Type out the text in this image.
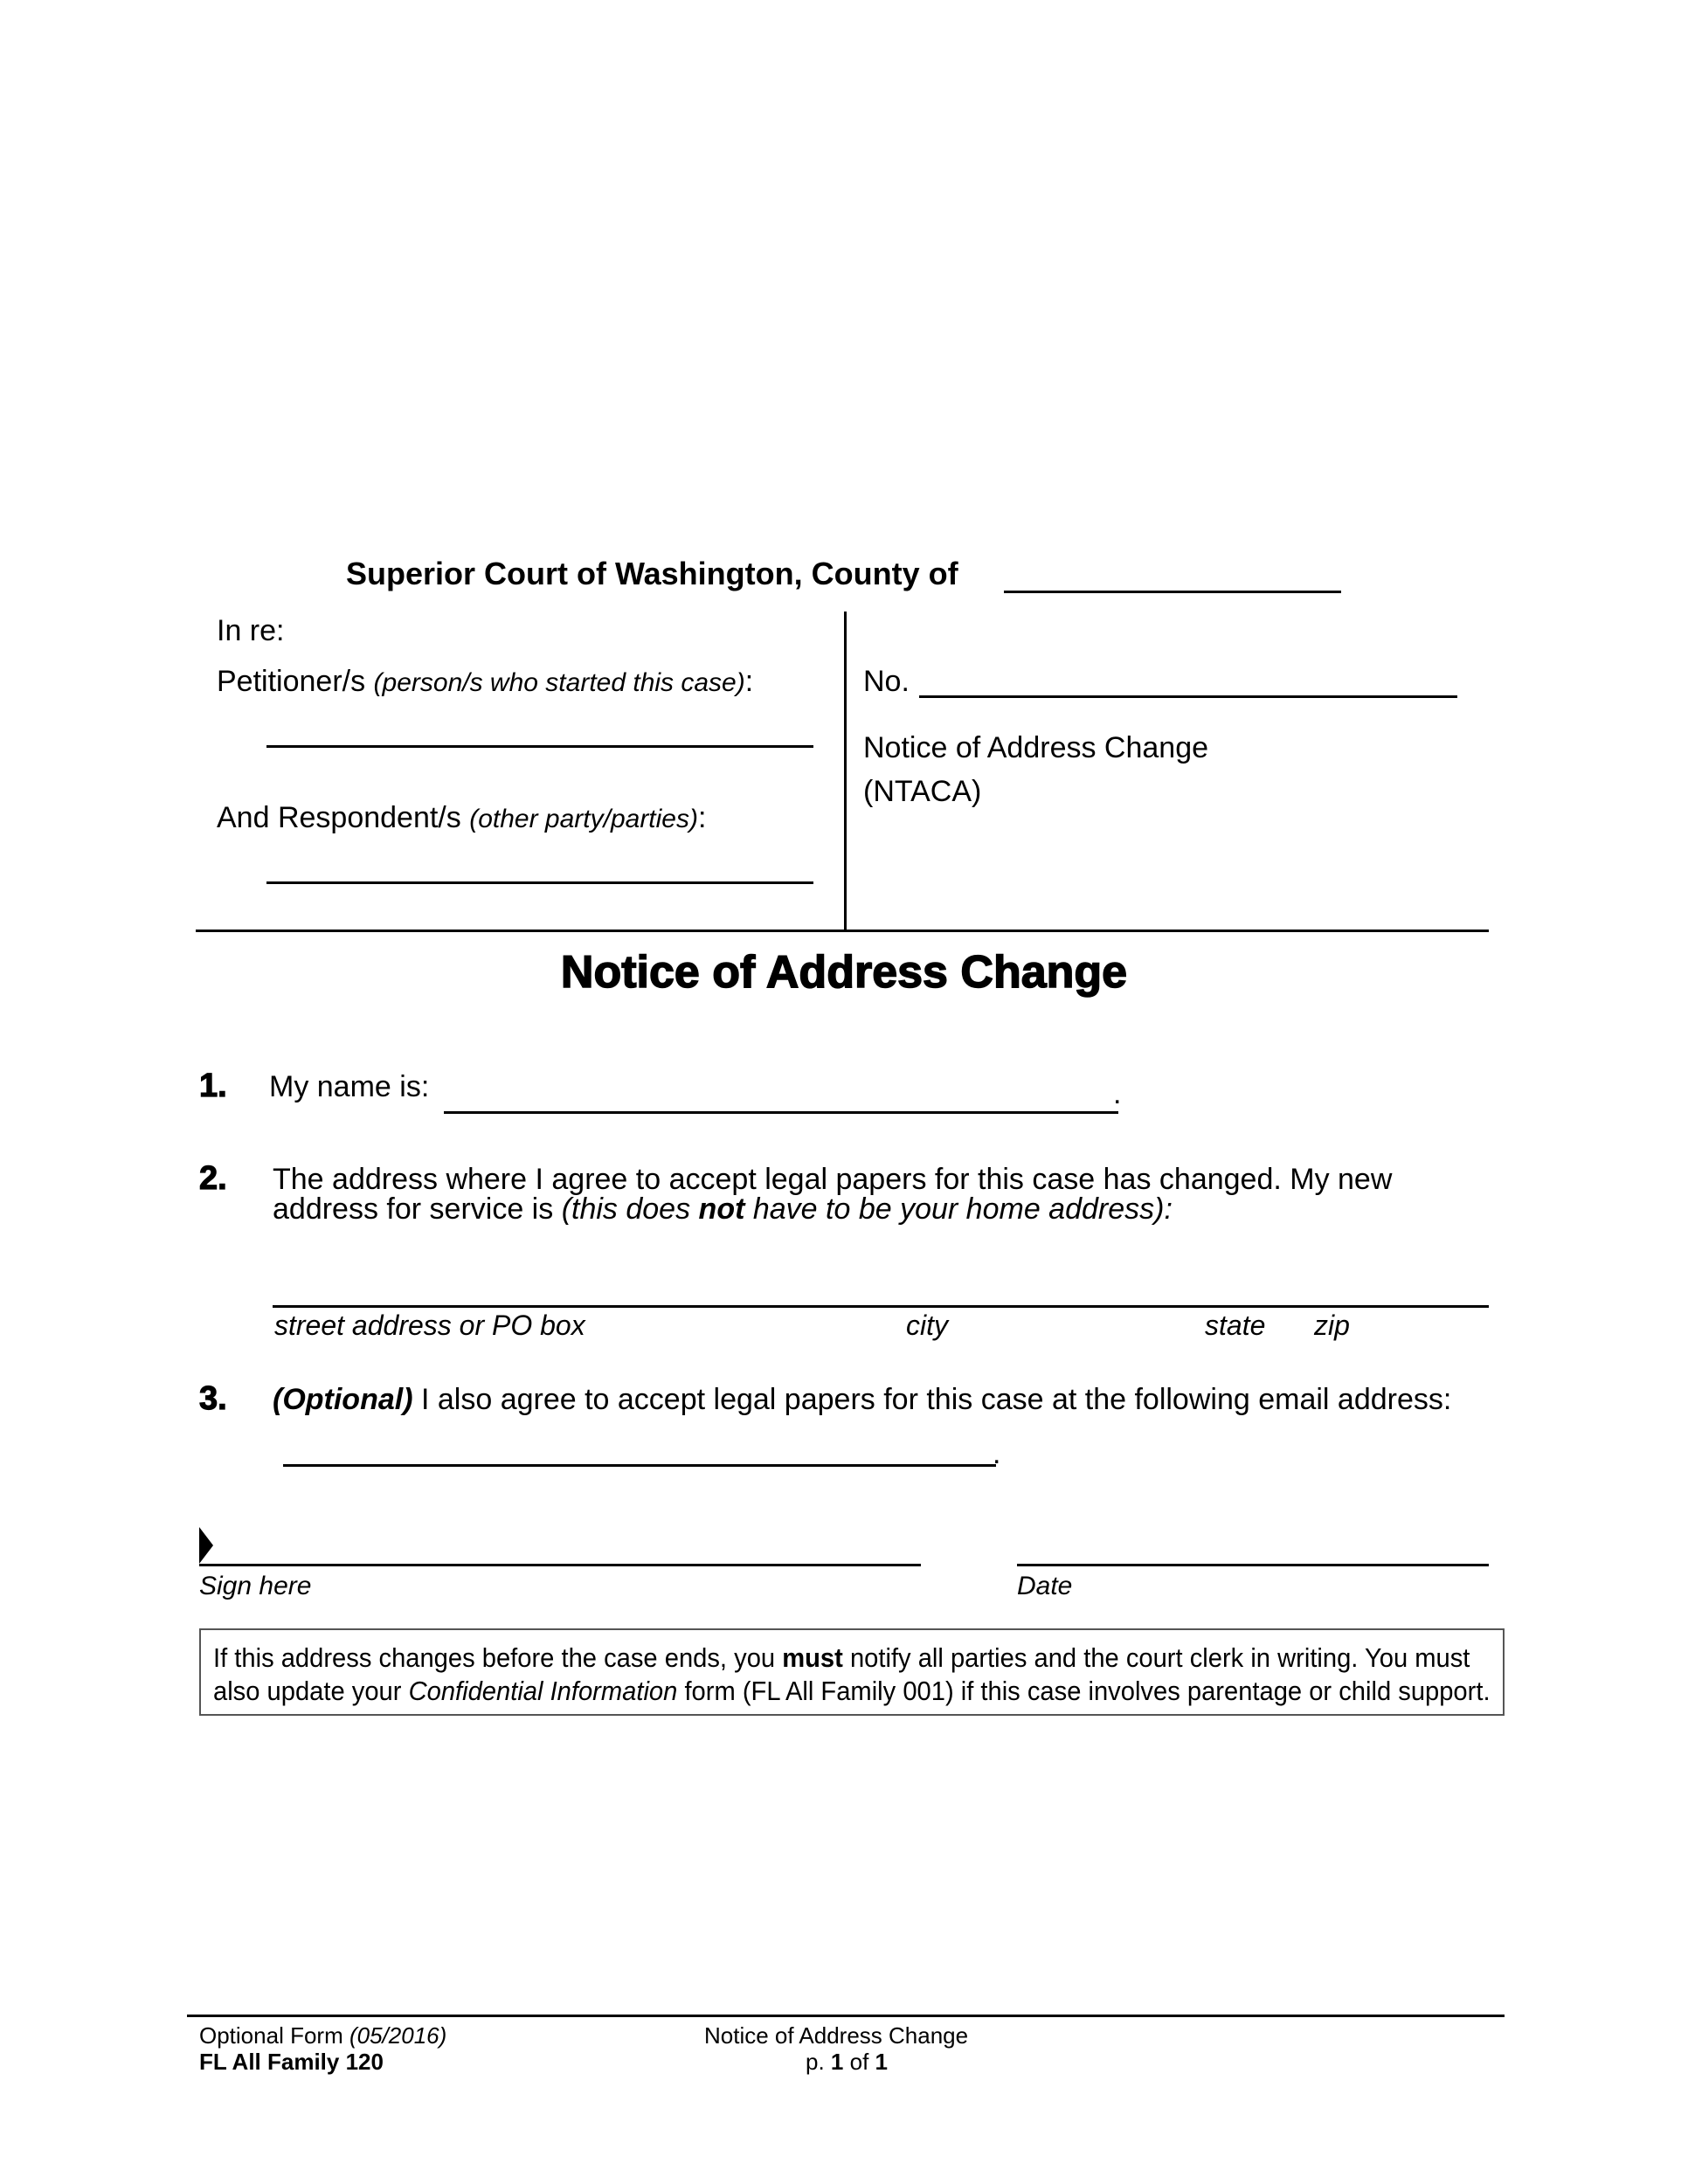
Superior Court of Washington, County of
In re:
Petitioner/s (person/s who started this case):
And Respondent/s (other party/parties):
No.
Notice of Address Change
(NTACA)
Notice of Address Change
1. My name is:	.
2. The address where I agree to accept legal papers for this case has changed. My new
address for service is (this does not have to be your home address):
street address or PO box	city	state zip
3. (Optional) I also agree to accept legal papers for this case at the following email address:
.
Sign here	Date
If this address changes before the case ends, you must notify all parties and the court clerk in writing. You must
also update your Confidential Information form (FL All Family 001) if this case involves parentage or child support.
Optional Form (05/2016)
FL All Family 120
Notice of Address Change
p. 1 of 1
